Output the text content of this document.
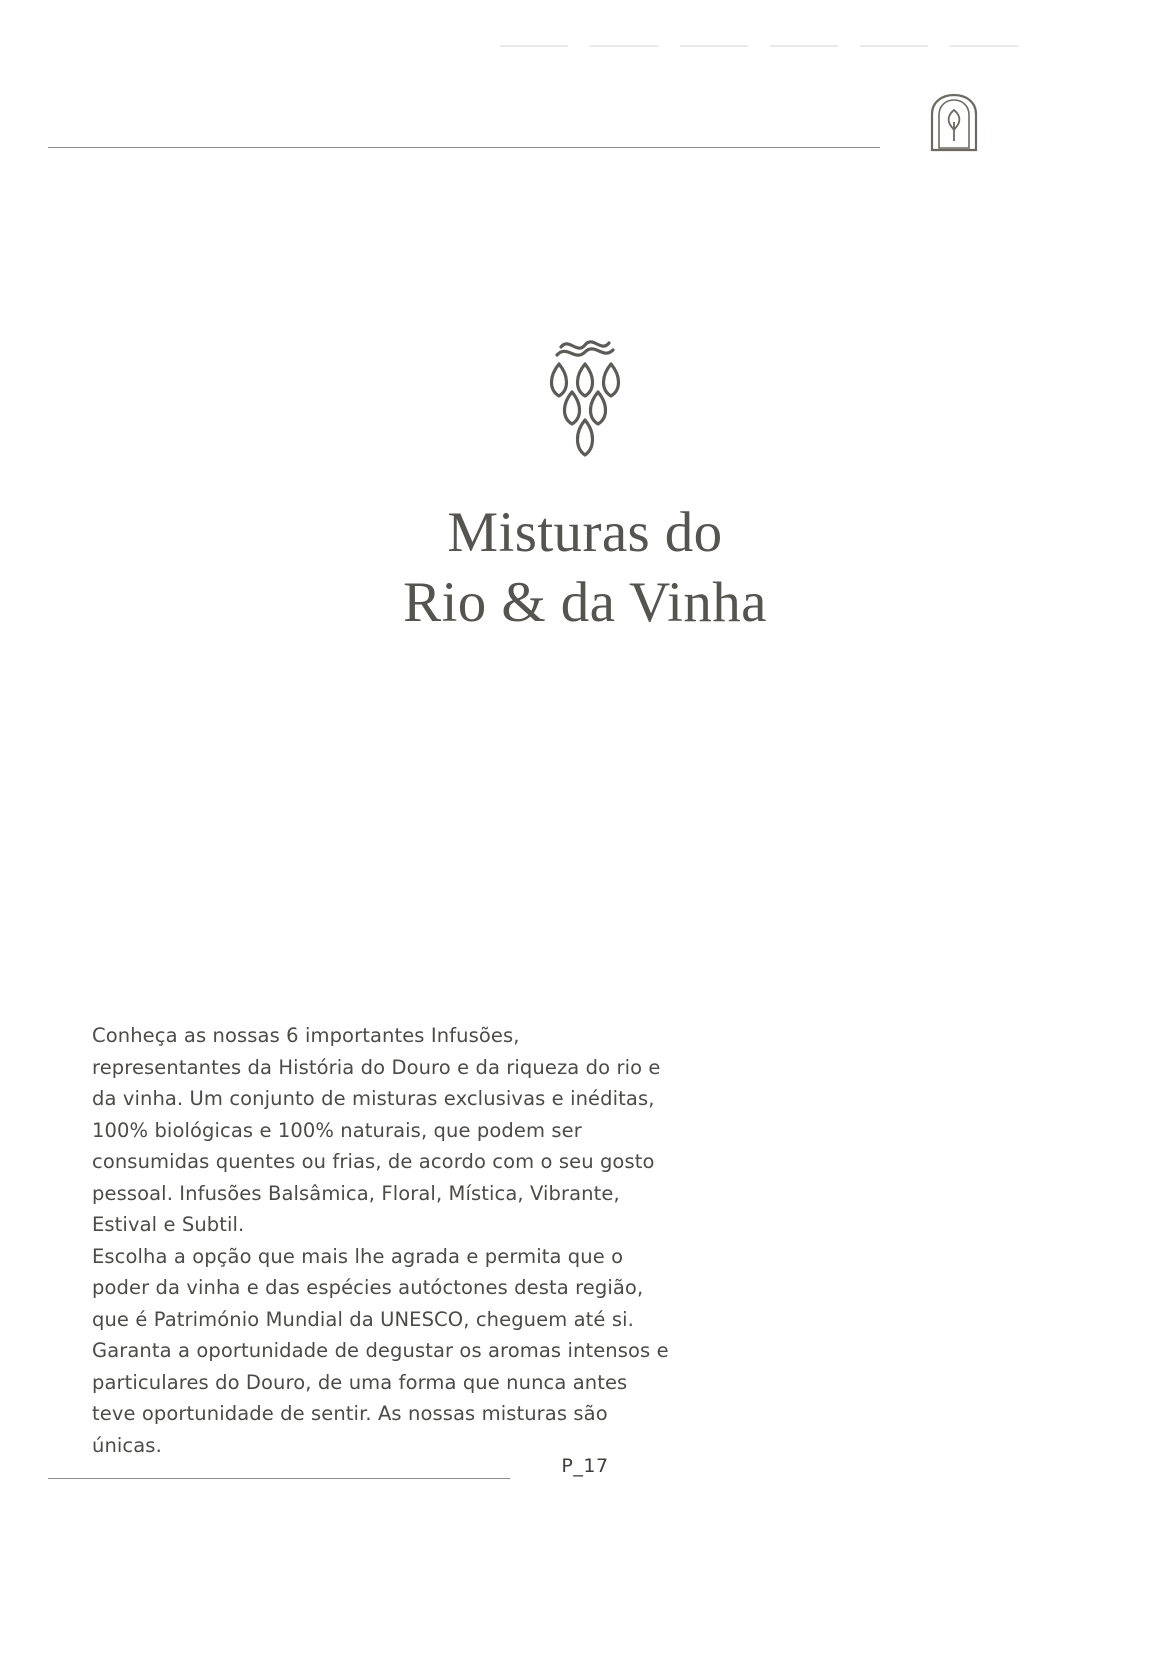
Misturas do
Rio & da Vinha

Conheça as nossas 6 importantes Infusões, representantes da História do Douro e da riqueza do rio e da vinha. Um conjunto de misturas exclusivas e inéditas, 100% biológicas e 100% naturais, que podem ser consumidas quentes ou frias, de acordo com o seu gosto pessoal. Infusões Balsâmica, Floral, Mística, Vibrante, Estival e Subtil.

Escolha a opção que mais lhe agrada e permita que o poder da vinha e das espécies autóctones desta região, que é Património Mundial da UNESCO, cheguem até si. Garanta a oportunidade de degustar os aromas intensos e particulares do Douro, de uma forma que nunca antes teve oportunidade de sentir. As nossas misturas são únicas.

P_17
